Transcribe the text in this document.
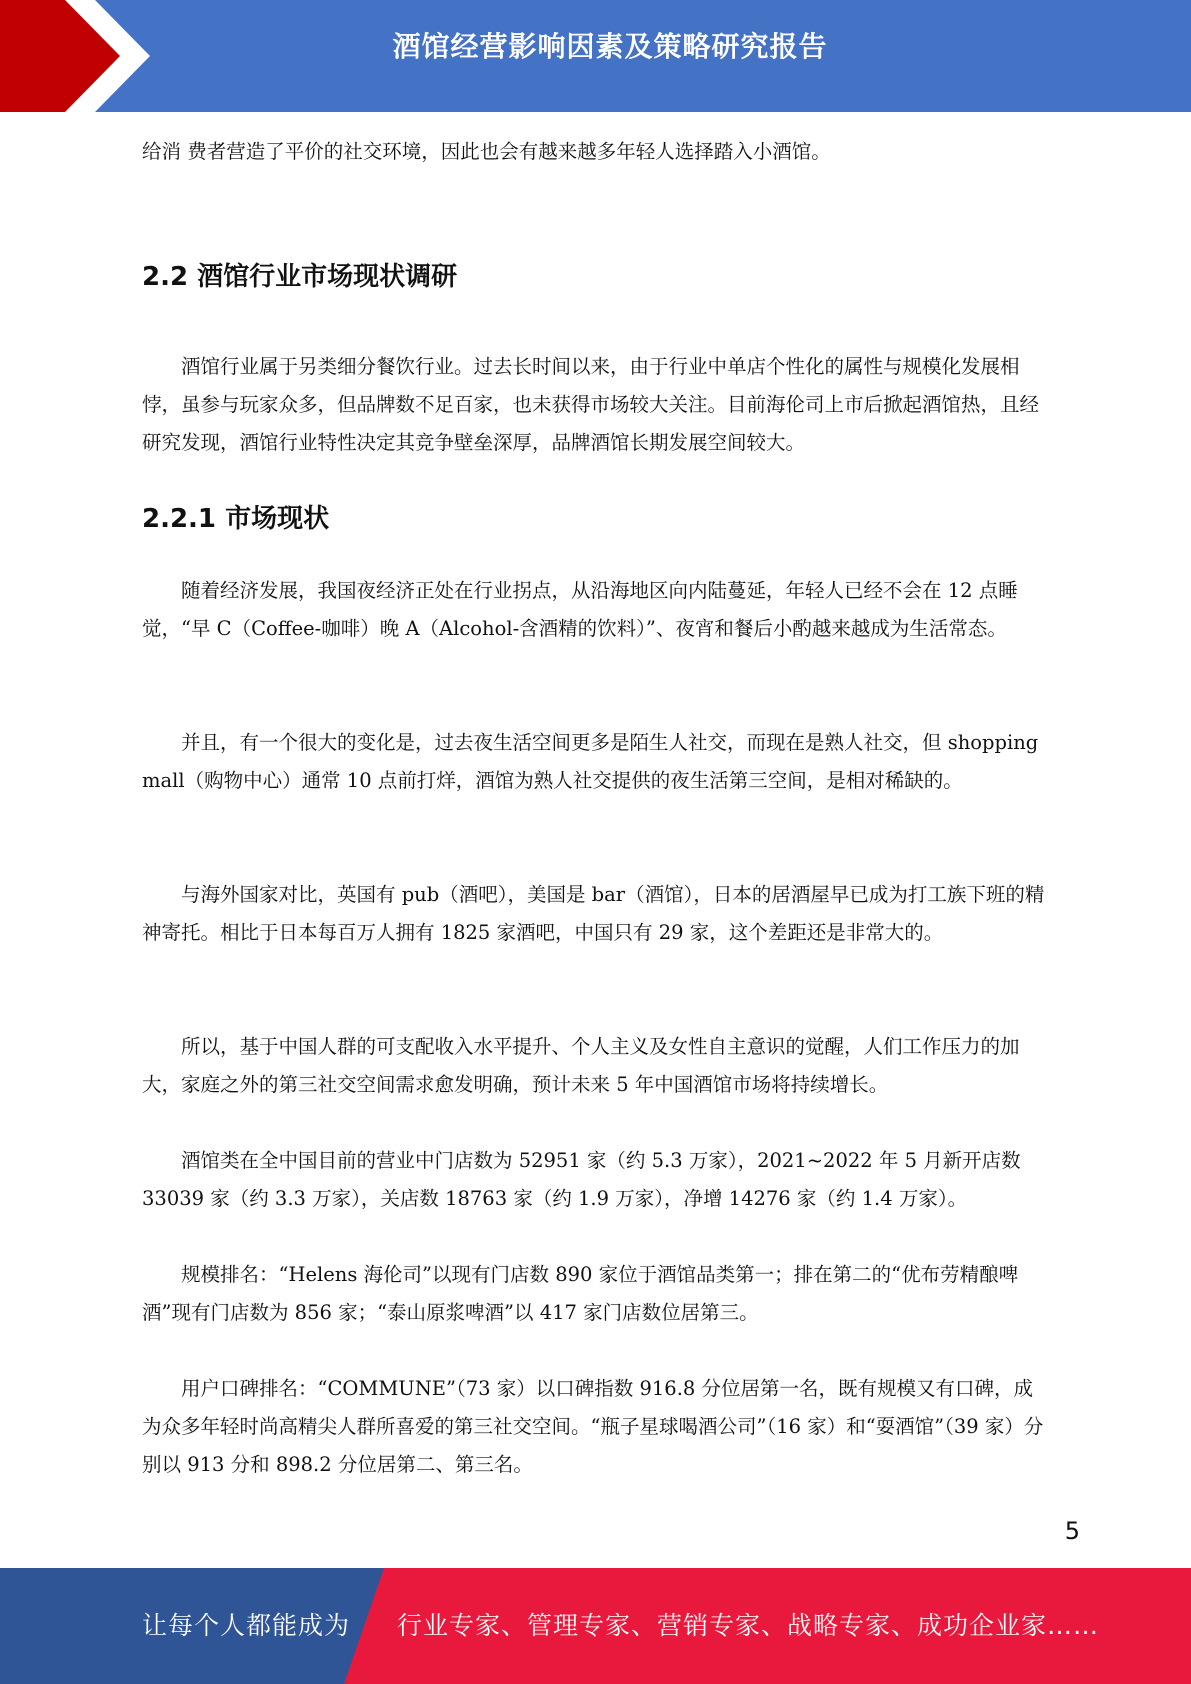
酒馆经营影响因素及策略研究报告

给消 费者营造了平价的社交环境，因此也会有越来越多年轻人选择踏入小酒馆。

2.2 酒馆行业市场现状调研

酒馆行业属于另类细分餐饮行业。过去长时间以来，由于行业中单店个性化的属性与规模化发展相悖，虽参与玩家众多，但品牌数不足百家，也未获得市场较大关注。目前海伦司上市后掀起酒馆热，且经研究发现，酒馆行业特性决定其竞争壁垒深厚，品牌酒馆长期发展空间较大。

2.2.1 市场现状

随着经济发展，我国夜经济正处在行业拐点，从沿海地区向内陆蔓延，年轻人已经不会在 12 点睡觉，“早 C（Coffee-咖啡）晚 A（Alcohol-含酒精的饮料）”、夜宵和餐后小酌越来越成为生活常态。

并且，有一个很大的变化是，过去夜生活空间更多是陌生人社交，而现在是熟人社交，但 shopping mall（购物中心）通常 10 点前打烊，酒馆为熟人社交提供的夜生活第三空间，是相对稀缺的。

与海外国家对比，英国有 pub（酒吧），美国是 bar（酒馆），日本的居酒屋早已成为打工族下班的精神寄托。相比于日本每百万人拥有 1825 家酒吧，中国只有 29 家，这个差距还是非常大的。

所以，基于中国人群的可支配收入水平提升、个人主义及女性自主意识的觉醒，人们工作压力的加大，家庭之外的第三社交空间需求愈发明确，预计未来 5 年中国酒馆市场将持续增长。

酒馆类在全中国目前的营业中门店数为 52951 家（约 5.3 万家），2021~2022 年 5 月新开店数 33039 家（约 3.3 万家），关店数 18763 家（约 1.9 万家），净增 14276 家（约 1.4 万家）。

规模排名：“Helens 海伦司”以现有门店数 890 家位于酒馆品类第一；排在第二的“优布劳精酿啤酒”现有门店数为 856 家；“泰山原浆啤酒”以 417 家门店数位居第三。

用户口碑排名：“COMMUNE”（73 家）以口碑指数 916.8 分位居第一名，既有规模又有口碑，成为众多年轻时尚高精尖人群所喜爱的第三社交空间。“瓶子星球喝酒公司”（16 家）和“耍酒馆”（39 家）分别以 913 分和 898.2 分位居第二、第三名。

5
让每个人都能成为 行业专家、管理专家、营销专家、战略专家、成功企业家……
